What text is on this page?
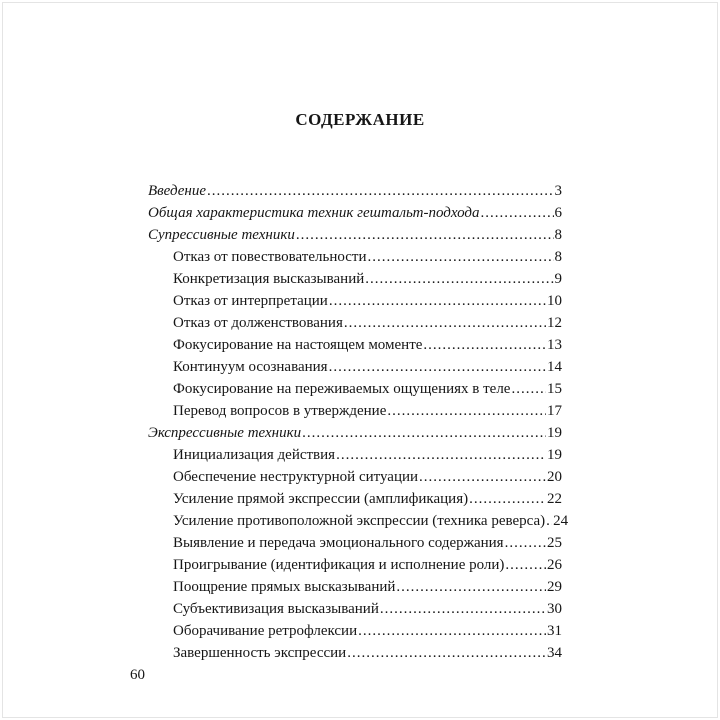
СОДЕРЖАНИЕ
Введение .....	3
Общая характеристика техник гештальт-подхода .....	6
Супрессивные техники .....	8
Отказ от повествовательности .....	8
Конкретизация высказываний .....	9
Отказ от интерпретации .....	10
Отказ от долженствования .....	12
Фокусирование на настоящем моменте .....	13
Континуум осознавания .....	14
Фокусирование на переживаемых ощущениях в теле ..... 15
Перевод вопросов в утверждение .....	17
Экспрессивные техники .....	19
Инициализация действия .....	19
Обеспечение неструктурной ситуации .....	20
Усиление прямой экспрессии (амплификация) .....	22
Усиление противоположной экспрессии (техника реверса) ..... 24
Выявление и передача эмоционального содержания .....	25
Проигрывание (идентификация и исполнение роли) .....	26
Поощрение прямых высказываний .....	29
Субъективизация высказываний .....	30
Оборачивание ретрофлексии .....	31
Завершенность экспрессии .....	34
60
